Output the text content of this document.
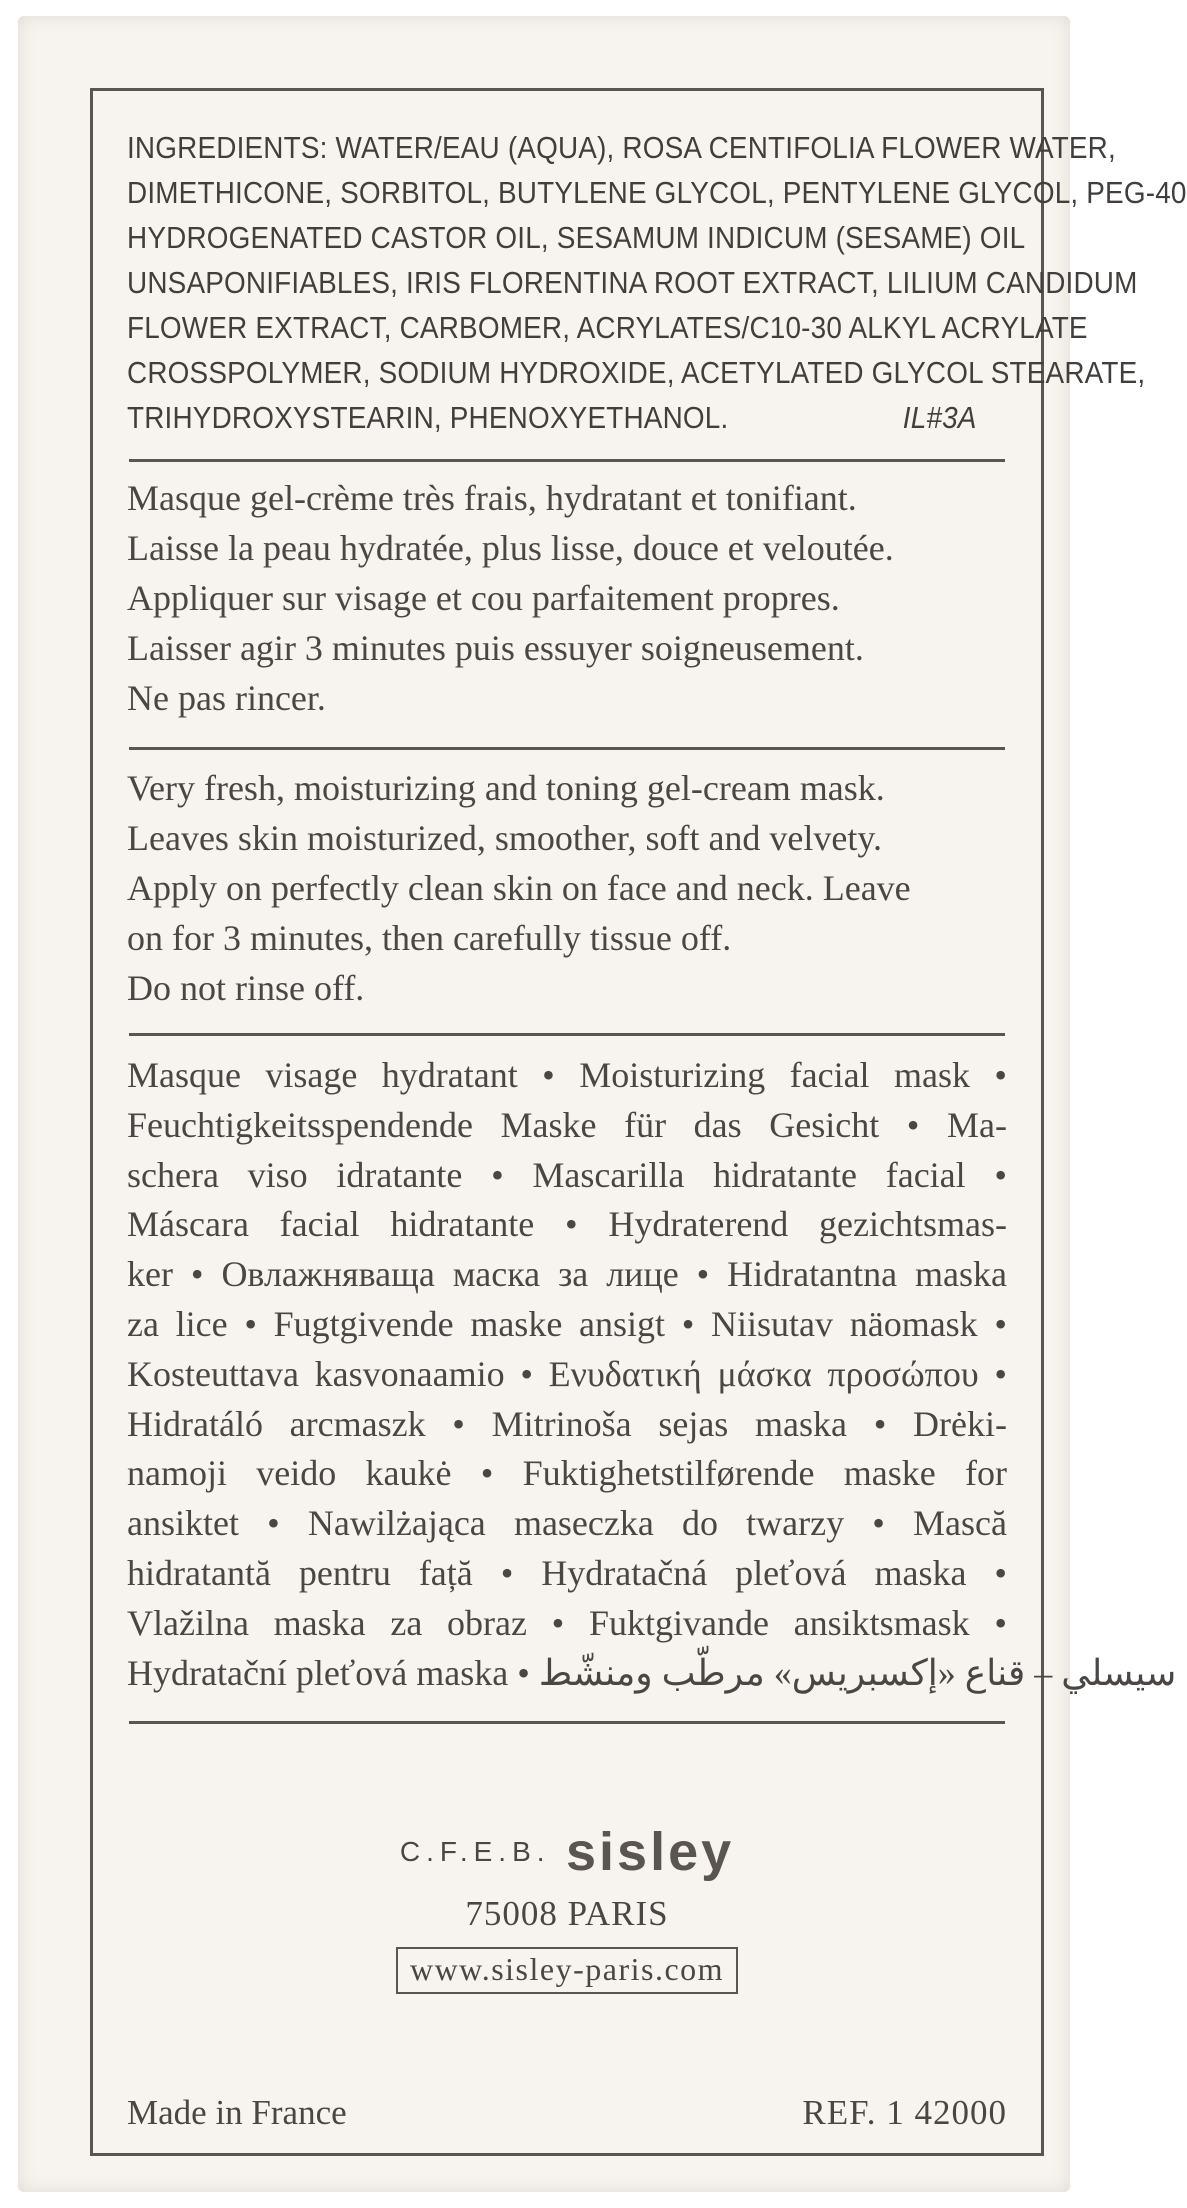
INGREDIENTS: WATER/EAU (AQUA), ROSA CENTIFOLIA FLOWER WATER,
DIMETHICONE, SORBITOL, BUTYLENE GLYCOL, PENTYLENE GLYCOL, PEG-40
HYDROGENATED CASTOR OIL, SESAMUM INDICUM (SESAME) OIL
UNSAPONIFIABLES, IRIS FLORENTINA ROOT EXTRACT, LILIUM CANDIDUM
FLOWER EXTRACT, CARBOMER, ACRYLATES/C10-30 ALKYL ACRYLATE
CROSSPOLYMER, SODIUM HYDROXIDE, ACETYLATED GLYCOL STEARATE,
TRIHYDROXYSTEARIN, PHENOXYETHANOL.	IL#3A
Masque gel-crème très frais, hydratant et tonifiant.
Laisse la peau hydratée, plus lisse, douce et veloutée.
Appliquer sur visage et cou parfaitement propres.
Laisser agir 3 minutes puis essuyer soigneusement.
Ne pas rincer.
Very fresh, moisturizing and toning gel-cream mask.
Leaves skin moisturized, smoother, soft and velvety.
Apply on perfectly clean skin on face and neck. Leave
on for 3 minutes, then carefully tissue off.
Do not rinse off.
Masque visage hydratant • Moisturizing facial mask •
Feuchtigkeitsspendende Maske für das Gesicht • Ma-
schera viso idratante • Mascarilla hidratante facial •
Máscara facial hidratante • Hydraterend gezichtsmas-
ker • Овлажняваща маска за лице • Hidratantna maska
za lice • Fugtgivende maske ansigt • Niisutav näomask •
Kosteuttava kasvonaamio • Ενυδατική μάσκα προσώπου •
Hidratáló arcmaszk • Mitrinoša sejas maska • Drėki-
namoji veido kaukė • Fuktighetstilførende maske for
ansiktet • Nawilżająca maseczka do twarzy • Mască
hidratantă pentru față • Hydratačná pleťová maska •
Vlažilna maska za obraz • Fuktgivande ansiktsmask •
Hydratační pleťová maska • سيسلي – قناع «إكسبريس» مرطّب ومنشّط
C.F.E.B. sisley
75008 PARIS
www.sisley-paris.com
Made in France	REF. 1 42000
